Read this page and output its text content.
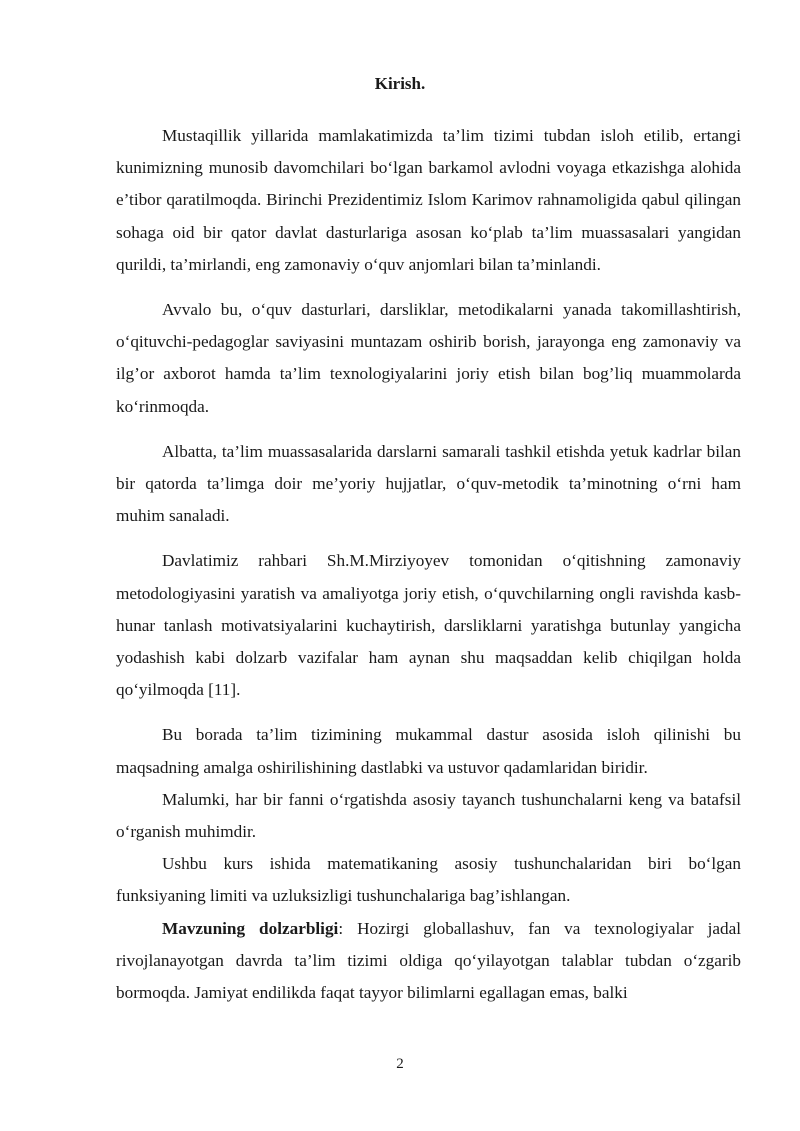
Kirish.

Mustaqillik yillarida mamlakatimizda ta’lim tizimi tubdan isloh etilib, ertangi kunimizning munosib davomchilari bo‘lgan barkamol avlodni voyaga etkazishga alohida e’tibor qaratilmoqda. Birinchi Prezidentimiz Islom Karimov rahnamoligida qabul qilingan sohaga oid bir qator davlat dasturlariga asosan ko‘plab ta’lim muassasalari yangidan qurildi, ta’mirlandi, eng zamonaviy o‘quv anjomlari bilan ta’minlandi.

Avvalo bu, o‘quv dasturlari, darsliklar, metodikalarni yanada takomillashtirish, o‘qituvchi-pedagoglar saviyasini muntazam oshirib borish, jarayonga eng zamonaviy va ilg’or axborot hamda ta’lim texnologiyalarini joriy etish bilan bog’liq muammolarda ko‘rinmoqda.

Albatta, ta’lim muassasalarida darslarni samarali tashkil etishda yetuk kadrlar bilan bir qatorda ta’limga doir me’yoriy hujjatlar, o‘quv-metodik ta’minotning o‘rni ham muhim sanaladi.

Davlatimiz rahbari Sh.M.Mirziyoyev tomonidan o‘qitishning zamonaviy metodologiyasini yaratish va amaliyotga joriy etish, o‘quvchilarning ongli ravishda kasb-hunar tanlash motivatsiyalarini kuchaytirish, darsliklarni yaratishga butunlay yangicha yodashish kabi dolzarb vazifalar ham aynan shu maqsaddan kelib chiqilgan holda qo‘yilmoqda [11].

Bu borada ta’lim tizimining mukammal dastur asosida isloh qilinishi bu maqsadning amalga oshirilishining dastlabki va ustuvor qadamlaridan biridir.

Malumki, har bir fanni o‘rgatishda asosiy tayanch tushunchalarni keng va batafsil o‘rganish muhimdir.

Ushbu kurs ishida matematikaning asosiy tushunchalaridan biri bo‘lgan funksiyaning limiti va uzluksizligi tushunchalariga bag’ishlangan.

Mavzuning dolzarbligi: Hozirgi globallashuv, fan va texnologiyalar jadal rivojlanayotgan davrda ta’lim tizimi oldiga qo‘yilayotgan talablar tubdan o‘zgarib bormoqda. Jamiyat endilikda faqat tayyor bilimlarni egallagan emas, balki

2
